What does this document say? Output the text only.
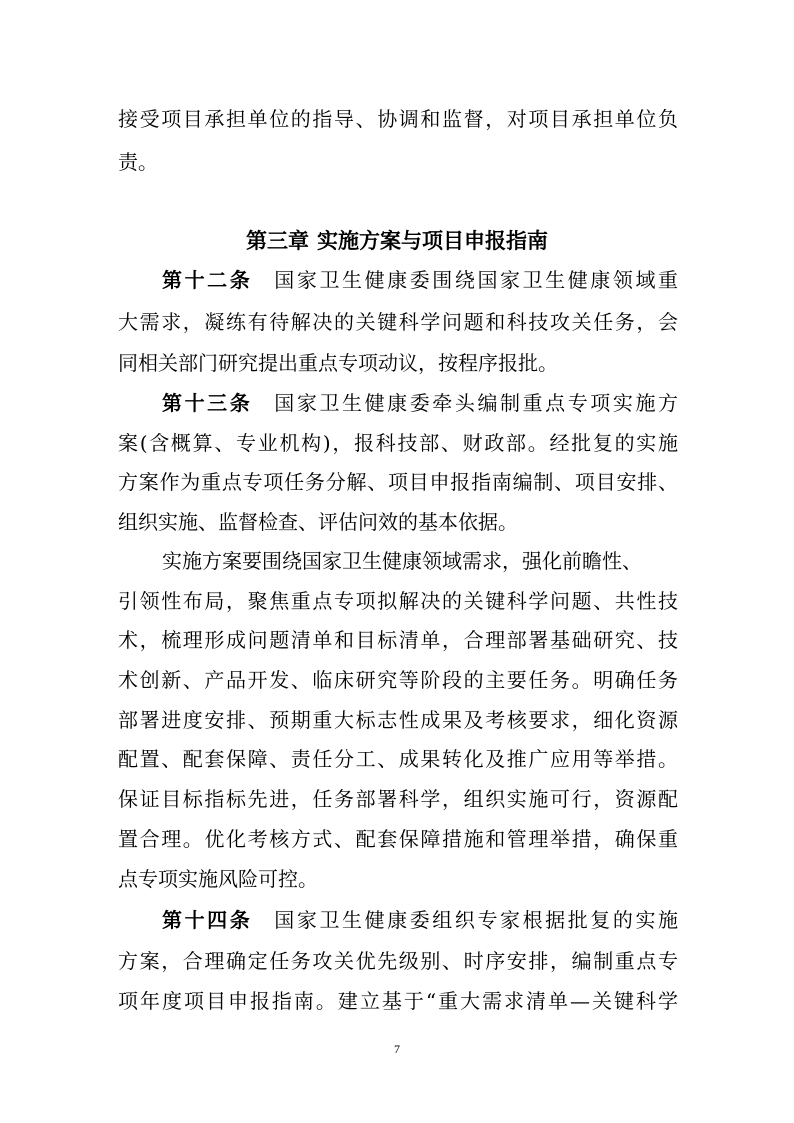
接受项目承担单位的指导、协调和监督，对项目承担单位负
责。
第三章 实施方案与项目申报指南
第十二条 国家卫生健康委围绕国家卫生健康领域重
大需求，凝练有待解决的关键科学问题和科技攻关任务，会
同相关部门研究提出重点专项动议，按程序报批。
第十三条 国家卫生健康委牵头编制重点专项实施方
案(含概算、专业机构)，报科技部、财政部。经批复的实施
方案作为重点专项任务分解、项目申报指南编制、项目安排、
组织实施、监督检查、评估问效的基本依据。
实施方案要围绕国家卫生健康领域需求，强化前瞻性、
引领性布局，聚焦重点专项拟解决的关键科学问题、共性技
术，梳理形成问题清单和目标清单，合理部署基础研究、技
术创新、产品开发、临床研究等阶段的主要任务。明确任务
部署进度安排、预期重大标志性成果及考核要求，细化资源
配置、配套保障、责任分工、成果转化及推广应用等举措。
保证目标指标先进，任务部署科学，组织实施可行，资源配
置合理。优化考核方式、配套保障措施和管理举措，确保重
点专项实施风险可控。
第十四条 国家卫生健康委组织专家根据批复的实施
方案，合理确定任务攻关优先级别、时序安排，编制重点专
项年度项目申报指南。建立基于“重大需求清单—关键科学
7
